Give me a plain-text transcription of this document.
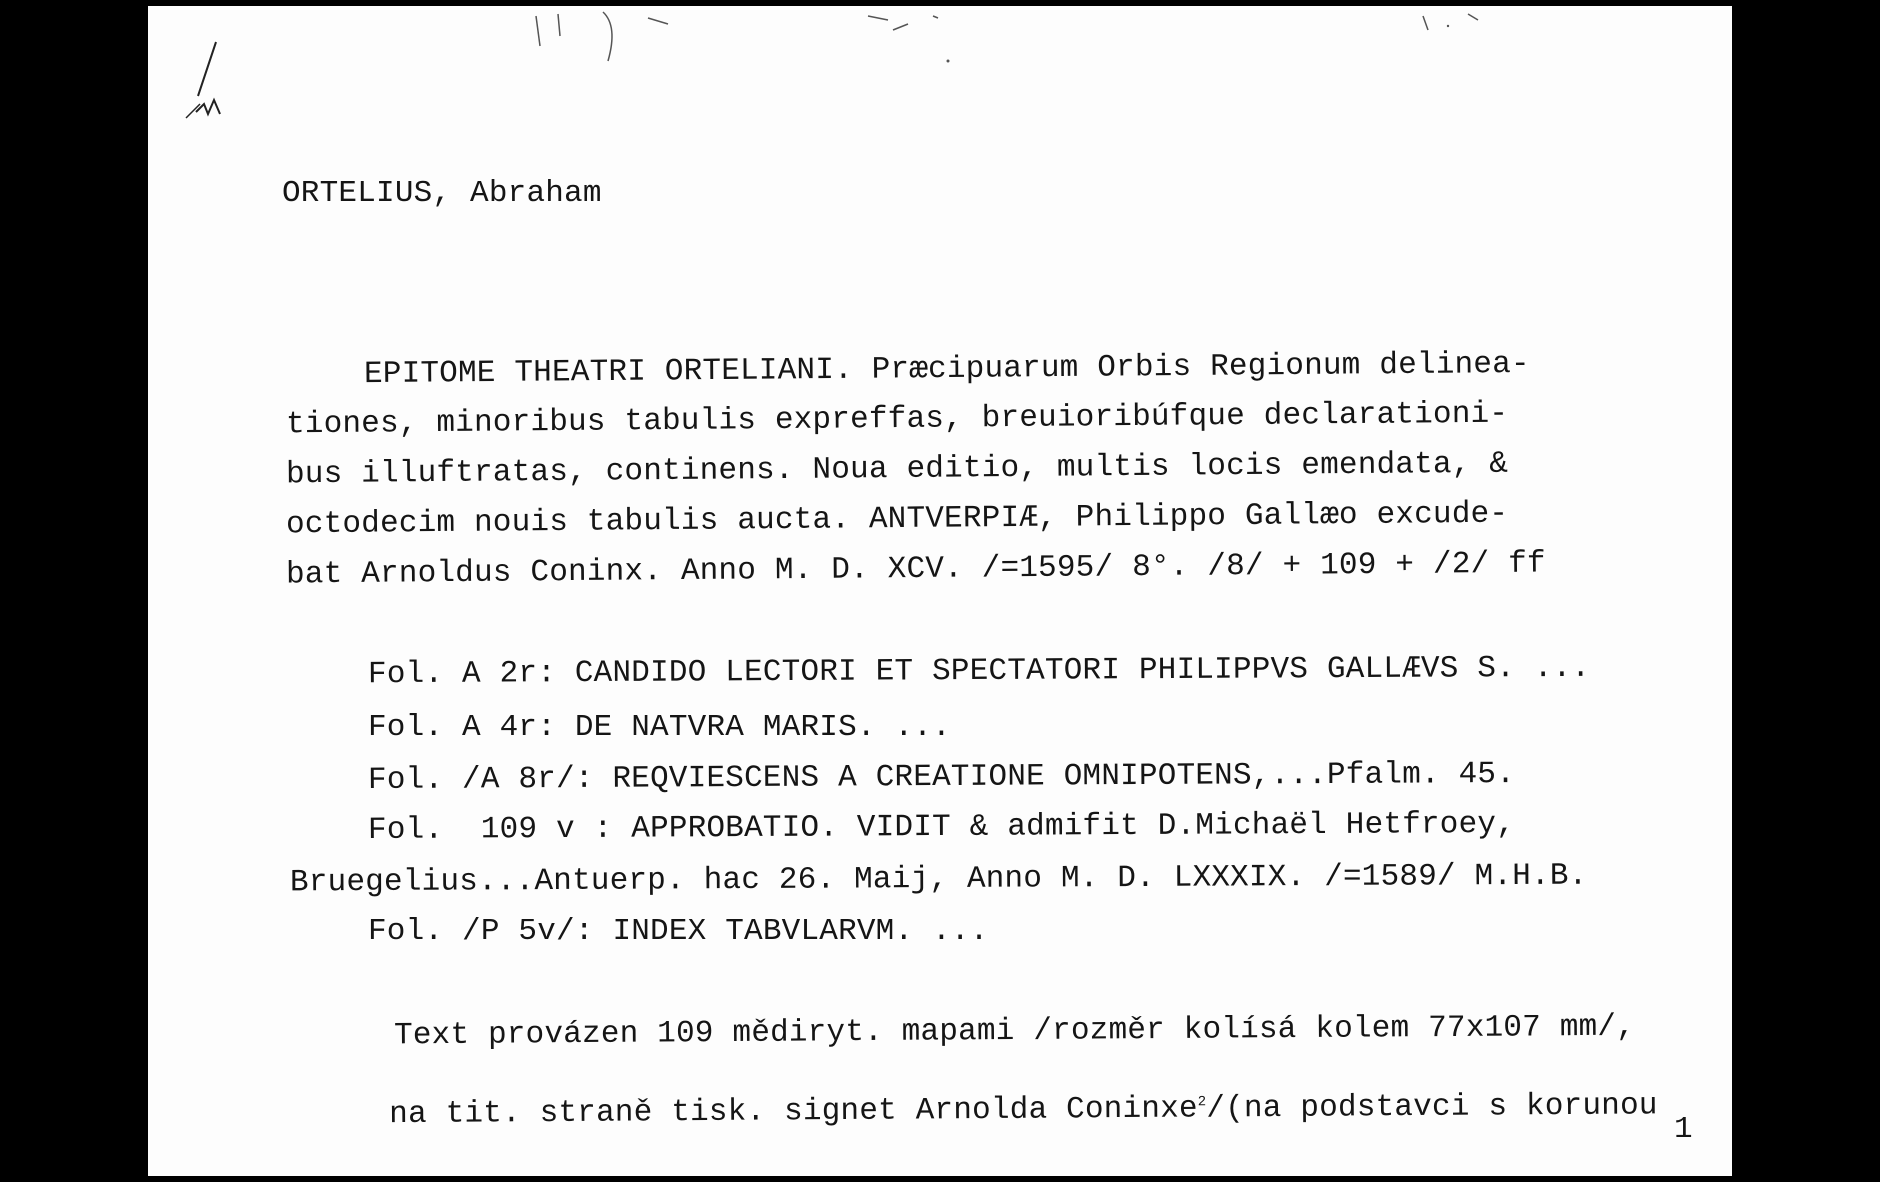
ORTELIUS, Abraham
EPITOME THEATRI ORTELIANI. Præcipuarum Orbis Regionum delinea-
tiones, minoribus tabulis expreffas, breuioribúfque declarationi-
bus illuftratas, continens. Noua editio, multis locis emendata, &
octodecim nouis tabulis aucta. ANTVERPIÆ, Philippo Gallæo excude-
bat Arnoldus Coninx. Anno M. D. XCV. /=1595/ 8°. /8/ + 109 + /2/ ff
Fol. A 2r: CANDIDO LECTORI ET SPECTATORI PHILIPPVS GALLÆVS S. ...
Fol. A 4r: DE NATVRA MARIS. ...
Fol. /A 8r/: REQVIESCENS A CREATIONE OMNIPOTENS,...Pfalm. 45.
Fol.  109 v : APPROBATIO. VIDIT & admifit D.Michaël Hetfroey,
Bruegelius...Antuerp. hac 26. Maij, Anno M. D. LXXXIX. /=1589/ M.H.B.
Fol. /P 5v/: INDEX TABVLARVM. ...
Text provázen 109 mědiryt. mapami /rozměr kolísá kolem 77x107 mm/,

na tit. straně tisk. signet Arnolda Coninxe$^2$/(na podstavci s korunou

1
